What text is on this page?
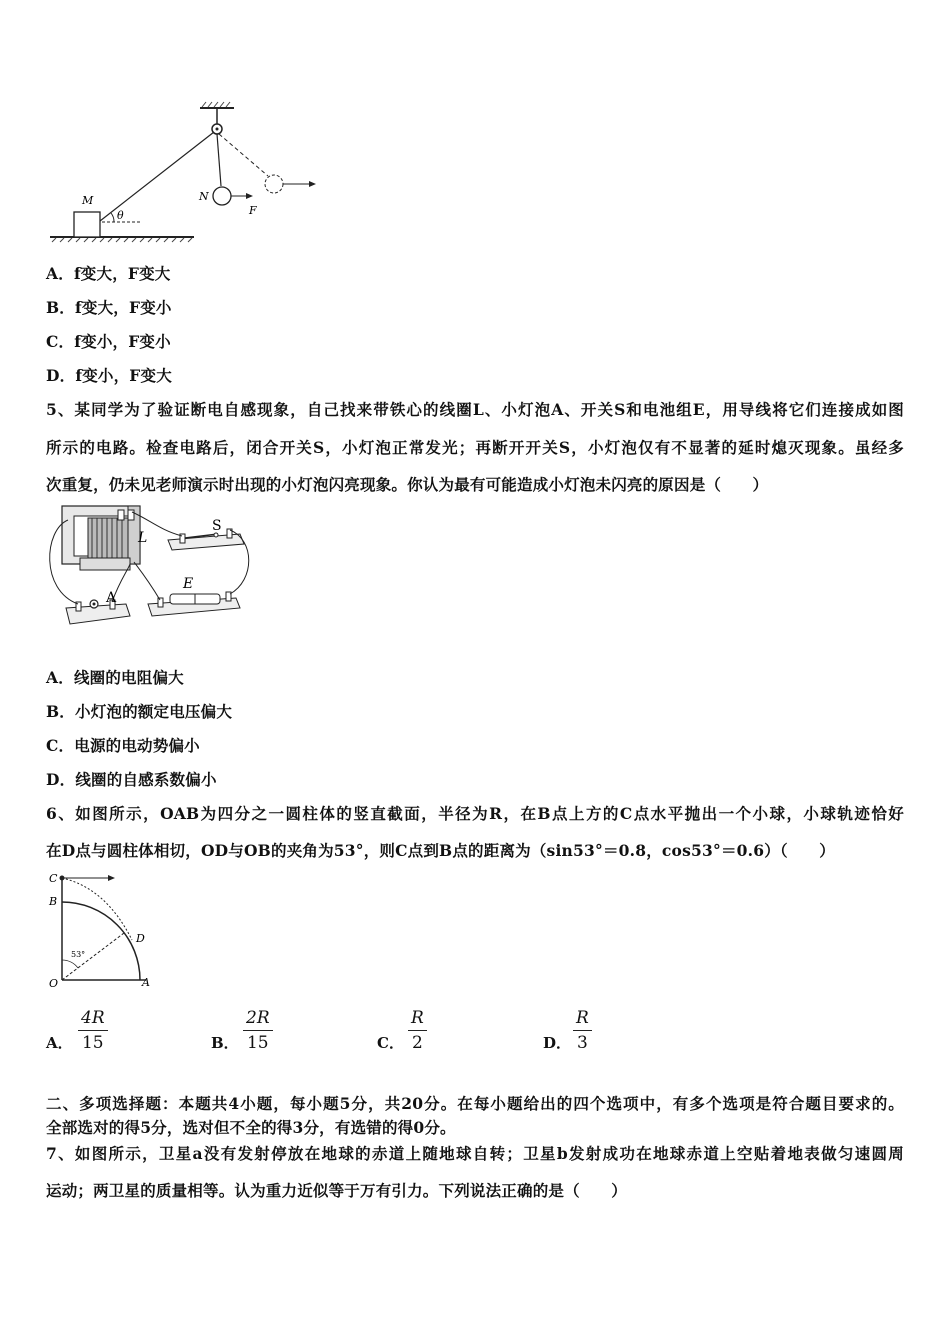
M
θ
N
F
A．f变大，F变大
B．f变大，F变小
C．f变小，F变小
D．f变小，F变大
5、某同学为了验证断电自感现象，自己找来带铁心的线圈L、小灯泡A、开关S和电池组E，用导线将它们连接成如图
所示的电路。检查电路后，闭合开关S，小灯泡正常发光；再断开开关S，小灯泡仅有不显著的延时熄灭现象。虽经多
次重复，仍未见老师演示时出现的小灯泡闪亮现象。你认为最有可能造成小灯泡未闪亮的原因是（　　）
L
S
E
A
A．线圈的电阻偏大
B．小灯泡的额定电压偏大
C．电源的电动势偏小
D．线圈的自感系数偏小
6、如图所示，OAB为四分之一圆柱体的竖直截面，半径为R，在B点上方的C点水平抛出一个小球，小球轨迹恰好
在D点与圆柱体相切，OD与OB的夹角为53°，则C点到B点的距离为（sin53°＝0.8，cos53°＝0.6）（　　）
C
B
D
O	A
53°
A．
4R
15	B．
2R
15	C．
R
2	D．
R
3
二、多项选择题：本题共4小题，每小题5分，共20分。在每小题给出的四个选项中，有多个选项是符合题目要求的。
全部选对的得5分，选对但不全的得3分，有选错的得0分。
7、如图所示，卫星a没有发射停放在地球的赤道上随地球自转；卫星b发射成功在地球赤道上空贴着地表做匀速圆周
运动；两卫星的质量相等。认为重力近似等于万有引力。下列说法正确的是（　　）
